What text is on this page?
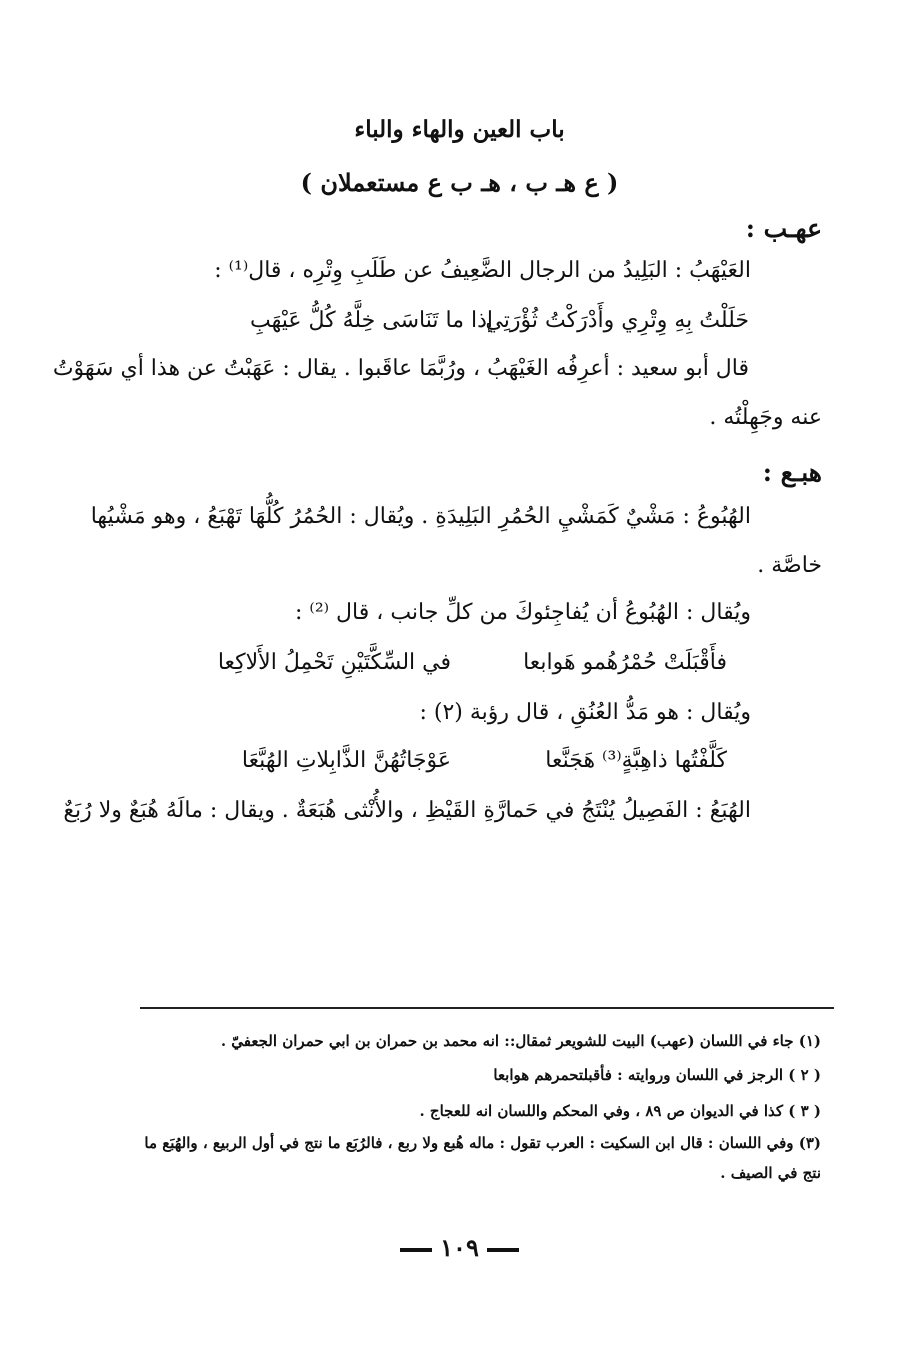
باب العين والهاء والباء
( ع هـ ب ، هـ ب ع مستعملان )
عهـب :
العَيْهَبُ : البَلِيدُ من الرجال الضَّعِيفُ عن طَلَبِ وِتْرِه ، قال⁽¹⁾ :
حَلَلْتُ بِهِ وِتْرِي وأَدْرَكْتُ ثُؤْرَتِي
إذا ما تَنَاسَى خِلَّهُ كُلُّ عَيْهَبِ
قال أبو سعيد : أعرِفُه الغَيْهَبُ ، ورُبَّمَا عاقَبوا . يقال : عَهَبْتُ عن هذا أي سَهَوْتُ
عنه وجَهِلْتُه .
هبـع :
الهُبُوعُ : مَشْيٌ كَمَشْيِ الحُمُرِ البَلِيدَةِ . ويُقال : الحُمُرُ كُلُّهَا تَهْبَعُ ، وهو مَشْيُها
خاصَّة .
ويُقال : الهُبُوعُ أن يُفاجِئوكَ من كلِّ جانب ، قال ⁽²⁾ :
فأَقْبَلَتْ حُمْرُهُمو هَوابعا
في السِّكَّتَيْنِ تَحْمِلُ الأَلاكِعا
ويُقال : هو مَدُّ العُنُقِ ، قال رؤبة (٢) :
كَلَّفْتُها ذاهِبَّةٍ⁽³⁾ هَجَنَّعا
عَوْجَاتُهُنَّ الذَّابِلاتِ الهُبَّعَا
الهُبَعُ : الفَصِيلُ يُنْتَجُ في حَمارَّةِ القَيْظِ ، والأُنْثى هُبَعَةٌ . ويقال : مالَهُ هُبَعٌ ولا رُبَعٌ
(١) جاء في اللسان (عهب) البيت للشويعر ثمقال:: انه محمد بن حمران بن ابي حمران الجعفيّ .
( ٢ ) الرجز في اللسان وروايته : فأقبلتحمرهم هوابعا
( ٣ ) كذا في الديوان ص ٨٩ ، وفي المحكم واللسان انه للعجاج .
(٣) وفي اللسان : قال ابن السكيت : العرب تقول : ماله هُبع ولا ربع ، فالرُبَع ما نتج في أول الربيع ، والهُبَع ما
نتج في الصيف .
١٠٩
